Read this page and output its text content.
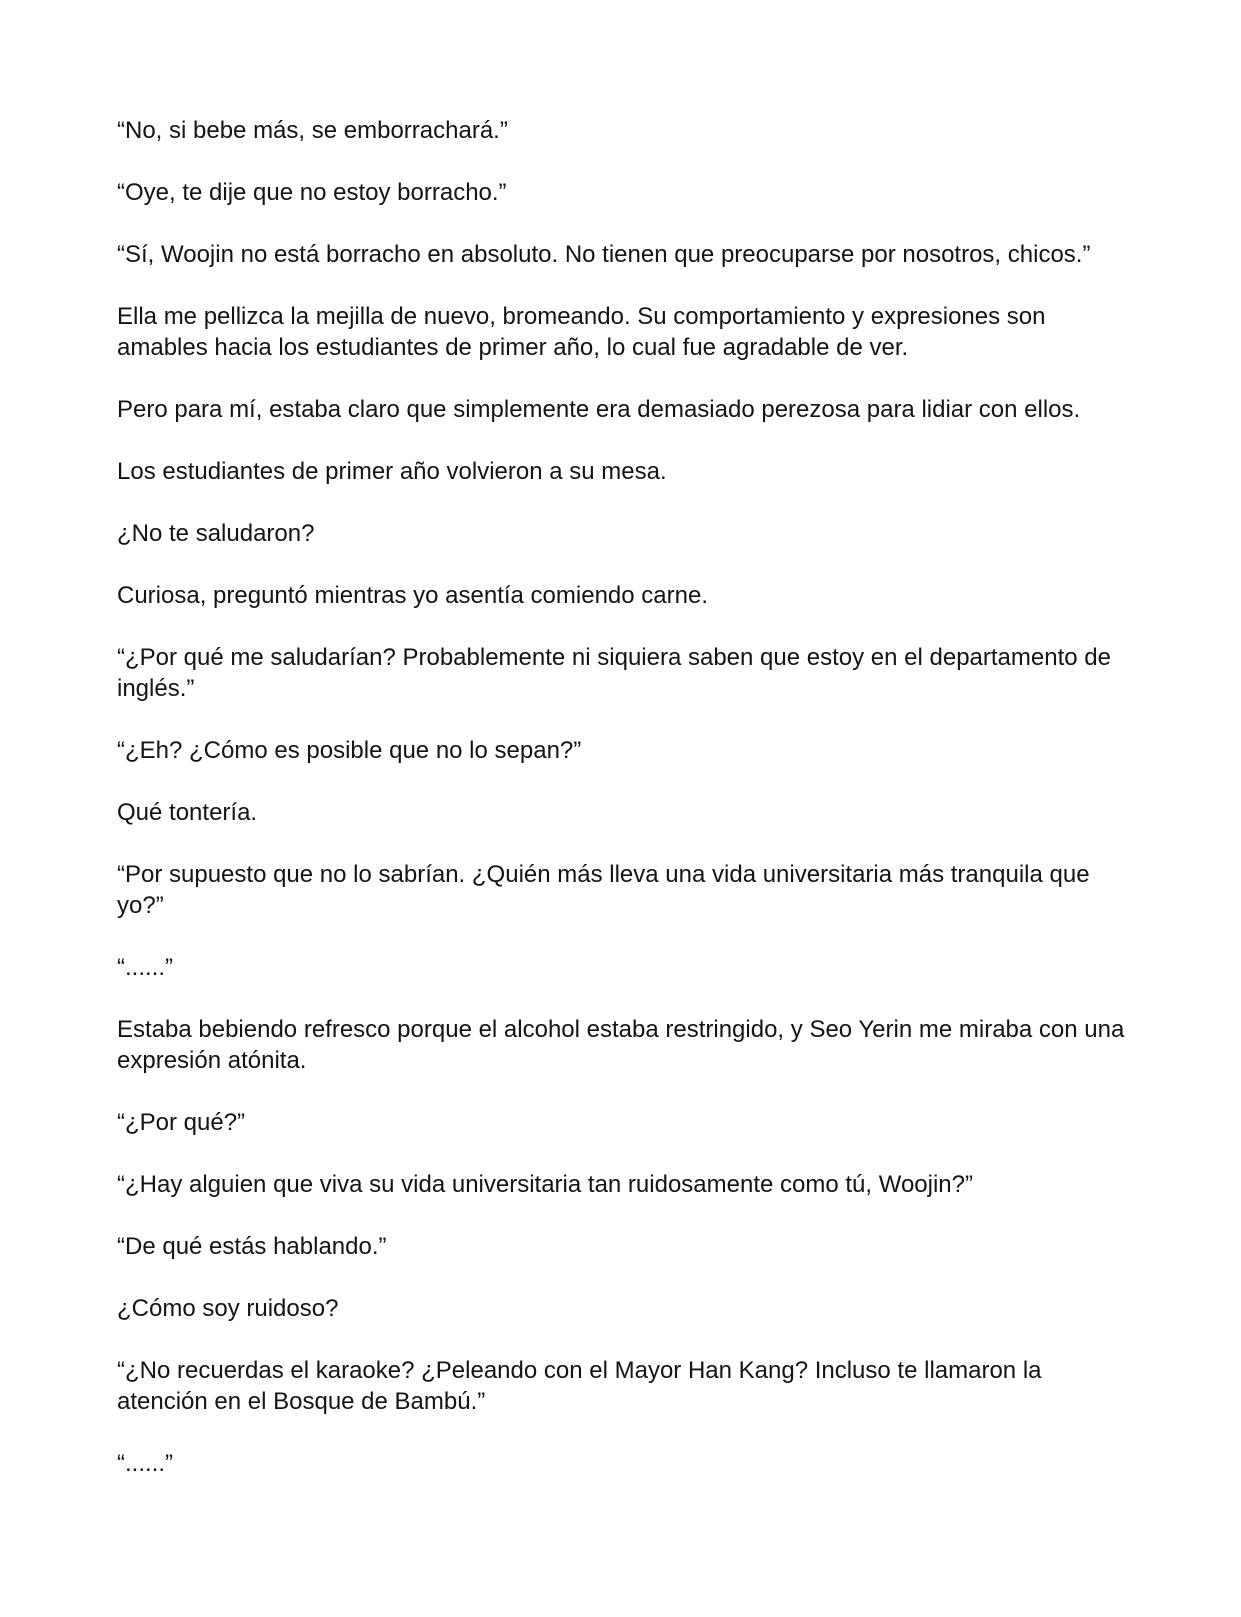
“No, si bebe más, se emborrachará.”

“Oye, te dije que no estoy borracho.”

“Sí, Woojin no está borracho en absoluto. No tienen que preocuparse por nosotros, chicos.”

Ella me pellizca la mejilla de nuevo, bromeando. Su comportamiento y expresiones son amables hacia los estudiantes de primer año, lo cual fue agradable de ver.

Pero para mí, estaba claro que simplemente era demasiado perezosa para lidiar con ellos.

Los estudiantes de primer año volvieron a su mesa.

¿No te saludaron?

Curiosa, preguntó mientras yo asentía comiendo carne.

“¿Por qué me saludarían? Probablemente ni siquiera saben que estoy en el departamento de inglés.”

“¿Eh? ¿Cómo es posible que no lo sepan?”

Qué tontería.

“Por supuesto que no lo sabrían. ¿Quién más lleva una vida universitaria más tranquila que yo?”

“......”

Estaba bebiendo refresco porque el alcohol estaba restringido, y Seo Yerin me miraba con una expresión atónita.

“¿Por qué?”

“¿Hay alguien que viva su vida universitaria tan ruidosamente como tú, Woojin?”

“De qué estás hablando.”

¿Cómo soy ruidoso?

“¿No recuerdas el karaoke? ¿Peleando con el Mayor Han Kang? Incluso te llamaron la atención en el Bosque de Bambú.”

“......”
